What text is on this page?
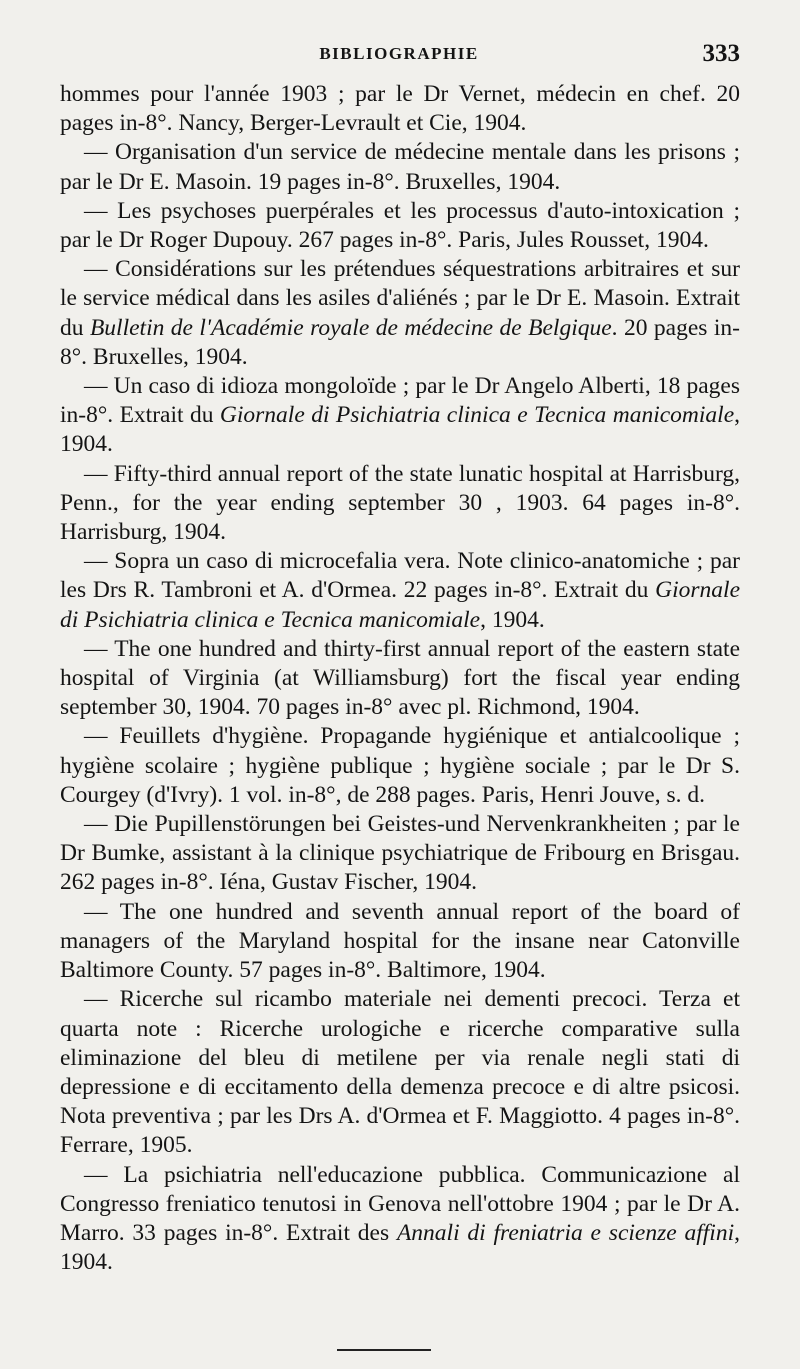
BIBLIOGRAPHIE	333

hommes pour l'année 1903 ; par le Dr Vernet, médecin en chef. 20 pages in-8°. Nancy, Berger-Levrault et Cie, 1904.

— Organisation d'un service de médecine mentale dans les prisons ; par le Dr E. Masoin. 19 pages in-8°. Bruxelles, 1904.

— Les psychoses puerpérales et les processus d'auto-intoxication ; par le Dr Roger Dupouy. 267 pages in-8°. Paris, Jules Rousset, 1904.

— Considérations sur les prétendues séquestrations arbitraires et sur le service médical dans les asiles d'aliénés ; par le Dr E. Masoin. Extrait du Bulletin de l'Académie royale de médecine de Belgique. 20 pages in-8°. Bruxelles, 1904.

— Un caso di idioza mongoloïde ; par le Dr Angelo Alberti, 18 pages in-8°. Extrait du Giornale di Psichiatria clinica e Tecnica manicomiale, 1904.

— Fifty-third annual report of the state lunatic hospital at Harrisburg, Penn., for the year ending september 30 , 1903. 64 pages in-8°. Harrisburg, 1904.

— Sopra un caso di microcefalia vera. Note clinico-anatomiche ; par les Drs R. Tambroni et A. d'Ormea. 22 pages in-8°. Extrait du Giornale di Psichiatria clinica e Tecnica manicomiale, 1904.

— The one hundred and thirty-first annual report of the eastern state hospital of Virginia (at Williamsburg) fort the fiscal year ending september 30, 1904. 70 pages in-8° avec pl. Richmond, 1904.

— Feuillets d'hygiène. Propagande hygiénique et antialcoolique ; hygiène scolaire ; hygiène publique ; hygiène sociale ; par le Dr S. Courgey (d'Ivry). 1 vol. in-8°, de 288 pages. Paris, Henri Jouve, s. d.

— Die Pupillenstörungen bei Geistes-und Nervenkrankheiten ; par le Dr Bumke, assistant à la clinique psychiatrique de Fribourg en Brisgau. 262 pages in-8°. Iéna, Gustav Fischer, 1904.

— The one hundred and seventh annual report of the board of managers of the Maryland hospital for the insane near Catonville Baltimore County. 57 pages in-8°. Baltimore, 1904.

— Ricerche sul ricambo materiale nei dementi precoci. Terza et quarta note : Ricerche urologiche e ricerche comparative sulla eliminazione del bleu di metilene per via renale negli stati di depressione e di eccitamento della demenza precoce e di altre psicosi. Nota preventiva ; par les Drs A. d'Ormea et F. Maggiotto. 4 pages in-8°. Ferrare, 1905.

— La psichiatria nell'educazione pubblica. Communicazione al Congresso freniatico tenutosi in Genova nell'ottobre 1904 ; par le Dr A. Marro. 33 pages in-8°. Extrait des Annali di freniatria e scienze affini, 1904.
